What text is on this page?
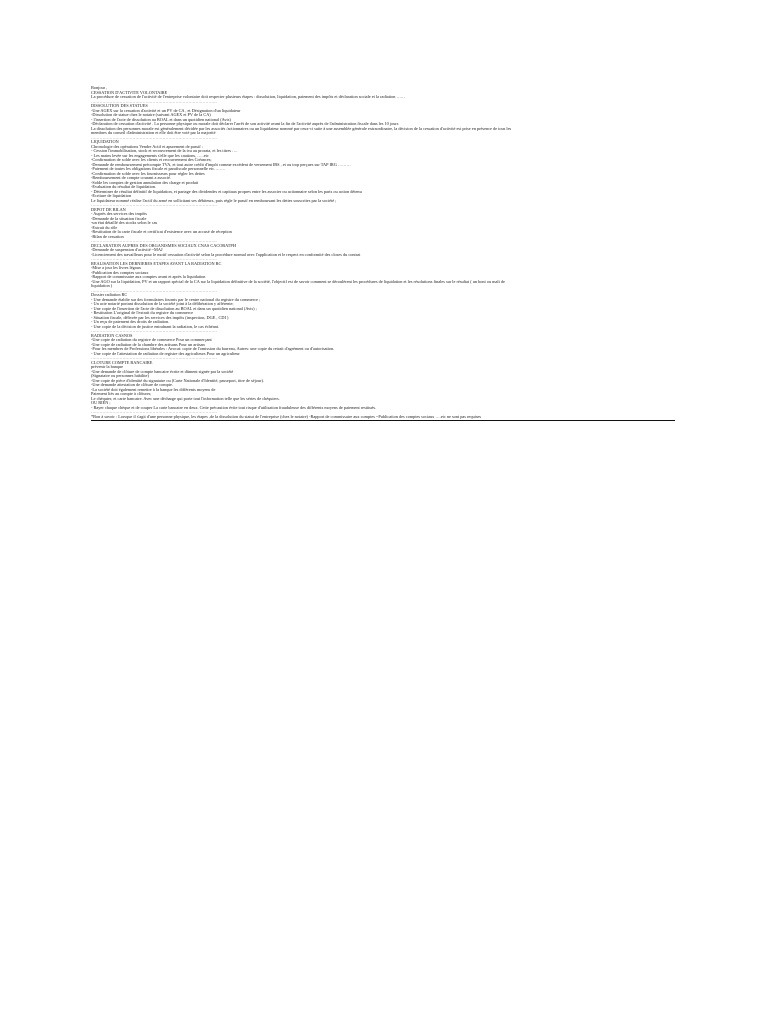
Bonjour ,
CESSATION D'ACTIVITE VOLONTAIRE
La procédure de cessation de l'activité de l'entreprise volontaire doit respecter plusieurs étapes : dissolution, liquidation, paiement des impôts et déclaration sociale et la radiation ……
…………………………………………………………………………….
DISSOLUTION DES STATUES
-Une AGEX sur la cessation d'activité et un PV de CA , et Désignation d'un liquidateur
-Dissolution de statue chez le notaire (suivant AGEX et PV de la CA)
- l'insertion de l'acte de dissolution au BOAL et dans un quotidien national (Avis)
-Déclaration de cessation d'activité . La personne physique ou morale doit déclarer l'arrêt de son activité avant la fin de l'activité auprès de l'administration fiscale dans les 10 jours
La dissolution des personnes morale est généralement décidée par les associés /actionnaires ou un liquidateur nommé par ceux-ci suite à une assemblée générale extraordinaire, la décision de la cessation d'activité est prise en présence de tous les
membres du conseil d'administration et elle doit être voté par la majorité
…………………………………………………………………………….
LIQUIDATION
Chronologie des opérations Vendre Actif et apurement de passif :
- Cession l'immobilisation, stock et recouvrement de la tva au prorata, et les titres ….
- Les mains levée sur les engagements s'elle que les cautions, …..etc
-Confirmation de solde avec les clients et recouvrement des Créances;
-Demande de remboursement précompte TVA, et tout autre crédit d'impôt comme excédent de versement IBS , et ou trop perçues sur TAP IRG ………
-Paiement de toutes les obligations fiscale et parafiscale personnelle etc……..
-Confirmation de solde avec les fournisseurs pour régler les dettes
-Remboursement de compte courant a associé.
-Solde les comptes de gestion annulation des charge et produit
-Évaluation du résultat de liquidation.
- Déterminer de résultat définitif de liquidation, et partage des dividendes et capitaux propres entre les associer ou actionnaire selon les parts ou action détenu
-Ecriture de liquidation
Le liquidateur nommé réalise l'actif du armé en sollicitant ses débiteurs, puis règle le passif en remboursant les dettes souscrites par la société ;
…………………………………………………………………………….
DEPOT DE BILAN
- Auprès des services des impôts
-Demande de la situation fiscale
-un état détaillé des stocks selon le cas
-Extrait du rôle
-Restitution de la carte fiscale et certificat d'existence avec un accusé de réception
-Bilan de cessation
…………………………………………………………………………….
DECLARATION AUPRES DES ORGANISMES SOCIAUX CNAS CACOBATPH
-Demande de suspension d'activité ~MAJ
-Licenciement des travailleurs pour le motif cessation d'activité selon la procédure normal avec l'application et le respect en conformité des closes du contrat
…………………………………………………………………………….
REALISATION LES DERNIERES ETAPES AVANT LA RADIATION RC
-Mise a jour les livres légaux
-Publication des comptes sociaux
-Rapport de commissaire aux comptes avant et après la liquidation
-Une AGO sur la liquidation, PV et un rapport spécial de la CA sur la liquidation définitive de la société, l'objectif est de savoir comment se déroulèrent les procédures de liquidation et les résolutions finales sur le résultat ( un boni ou mali de
liquidation )
…………………………………………………………………………….
Dossier radiation RC
- Une demande établie sur des formulaires fournis par le centre national du registre du commerce ;
- Un acte notarié portant dissolution de la société joint à la délibération y afférente;
- Une copie de l'insertion de l'acte de dissolution au BOAL et dans un quotidien national (Avis) ;
- Restitution L'original de l'extrait du registre du commerce
- Situation fiscale, délivrée par les services des impôts (inspection, DGE , CDI )
- Un reçu de paiement des droits de radiation.
- Une copie de la décision de justice entraînant la radiation, le cas échéant.
…………………………………………………………………………….
RADIATION CASNOS
-Une copie de radiation du registre de commerce Pour un commerçant
-Une copie de radiation de la chambre des artisans Pour un artisan
-Pour les membres de Professions libérales : Avocat: copie de l'omission du barreau, Autres: une copie du retrait d'agrément ou d'autorisation.
- Une copie de l'attestation de radiation de registre des agriculteurs Pour un agriculteur
…………………………………………………………………………….
CLOTURE COMPTE BANCAIRE
prévenir la banque
-Une demande de clôture de compte bancaire écrite et dûment signée par la société
(Signataire ou personnes habilite)
-Une copie de pièce d'identité du signataire ou (Carte Nationale d'Identité, passeport, titre de séjour).
-Une demande attestation de clôture de compte.
-La société doit également remettre à la banque les différents moyens de
Paiement liés au compte à clôturer,
Le chéquier, et carte bancaire. Avec une décharge qui porte tout l'information telle que les séries de chéquiers.
OU BIEN ;
- Rayer chaque chèque et de couper La carte bancaire en deux. Cette précaution évite tout risque d'utilisation frauduleuse des différents moyens de paiement restitués.
…………………………………………………………………………….
*Bon à savoir : Lorsque il s'agit d'une personne physique, les étapes ,de la dissolution du statut de l'entreprise (chez le notaire) -Rapport de commissaire aux comptes ~Publication des comptes sociaux ….etc ne sont pas requises
